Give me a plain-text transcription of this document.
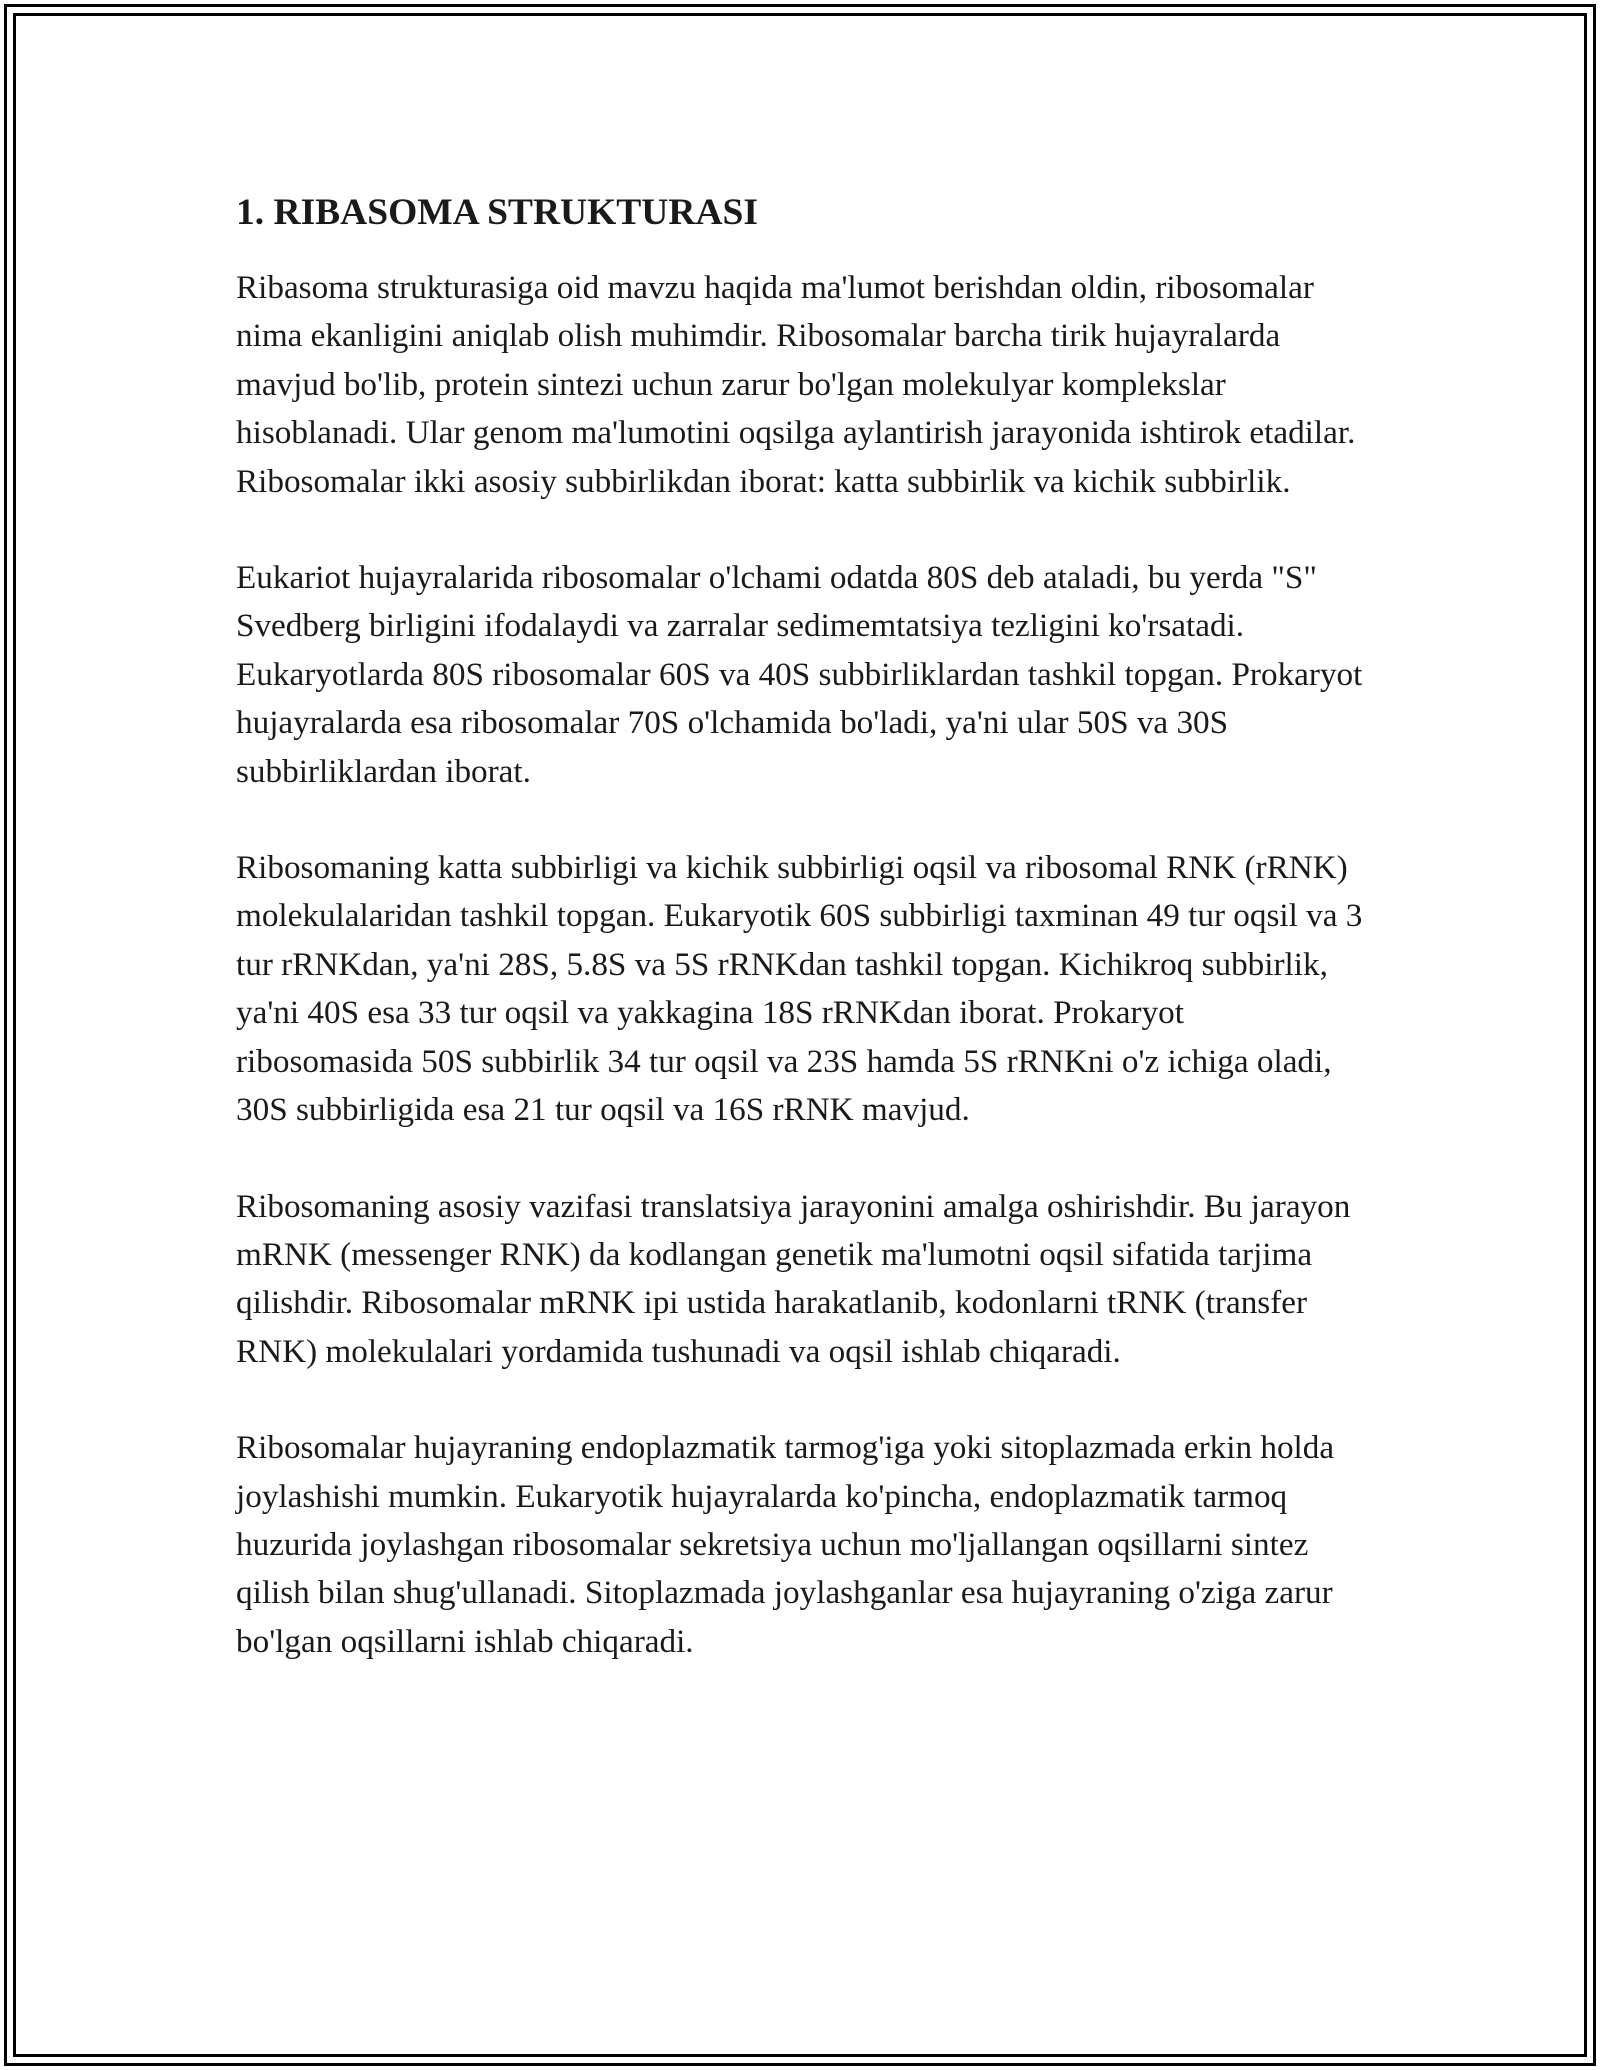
1. RIBASOMA STRUKTURASI

Ribasoma strukturasiga oid mavzu haqida ma'lumot berishdan oldin, ribosomalar nima ekanligini aniqlab olish muhimdir. Ribosomalar barcha tirik hujayralarda mavjud bo'lib, protein sintezi uchun zarur bo'lgan molekulyar komplekslar hisoblanadi. Ular genom ma'lumotini oqsilga aylantirish jarayonida ishtirok etadilar. Ribosomalar ikki asosiy subbirlikdan iborat: katta subbirlik va kichik subbirlik.

Eukariot hujayralarida ribosomalar o'lchami odatda 80S deb ataladi, bu yerda "S" Svedberg birligini ifodalaydi va zarralar sedimemtatsiya tezligini ko'rsatadi. Eukaryotlarda 80S ribosomalar 60S va 40S subbirliklardan tashkil topgan. Prokaryot hujayralarda esa ribosomalar 70S o'lchamida bo'ladi, ya'ni ular 50S va 30S subbirliklardan iborat.

Ribosomaning katta subbirligi va kichik subbirligi oqsil va ribosomal RNK (rRNK) molekulalaridan tashkil topgan. Eukaryotik 60S subbirligi taxminan 49 tur oqsil va 3 tur rRNKdan, ya'ni 28S, 5.8S va 5S rRNKdan tashkil topgan. Kichikroq subbirlik, ya'ni 40S esa 33 tur oqsil va yakkagina 18S rRNKdan iborat. Prokaryot ribosomasida 50S subbirlik 34 tur oqsil va 23S hamda 5S rRNKni o'z ichiga oladi, 30S subbirligida esa 21 tur oqsil va 16S rRNK mavjud.

Ribosomaning asosiy vazifasi translatsiya jarayonini amalga oshirishdir. Bu jarayon mRNK (messenger RNK) da kodlangan genetik ma'lumotni oqsil sifatida tarjima qilishdir. Ribosomalar mRNK ipi ustida harakatlanib, kodonlarni tRNK (transfer RNK) molekulalari yordamida tushunadi va oqsil ishlab chiqaradi.

Ribosomalar hujayraning endoplazmatik tarmog'iga yoki sitoplazmada erkin holda joylashishi mumkin. Eukaryotik hujayralarda ko'pincha, endoplazmatik tarmoq huzurida joylashgan ribosomalar sekretsiya uchun mo'ljallangan oqsillarni sintez qilish bilan shug'ullanadi. Sitoplazmada joylashganlar esa hujayraning o'ziga zarur bo'lgan oqsillarni ishlab chiqaradi.
